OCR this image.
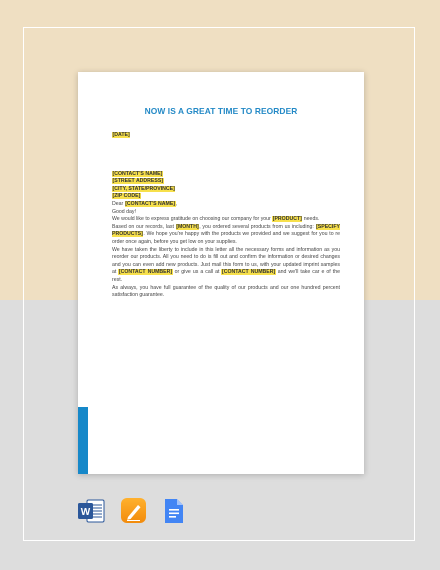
NOW IS A GREAT TIME TO REORDER

[DATE]

[CONTACT'S NAME]

[STREET ADDRESS]

[CITY, STATE/PROVINCE]

[ZIP CODE]

Dear [CONTACT'S NAME],

Good day!

We would like to express gratitude on choosing our company for your [PRODUCT] needs.

Based on our records, last [MONTH], you ordered several products from us including: [SPECIFY PRODUCTS]. We hope you're happy with the products we provided and we suggest for you to re order once again, before you get low on your supplies.

We have taken the liberty to include in this letter all the necessary forms and information as you reorder our products. All you need to do is fill out and confirm the information or desired changes and you can even add new products. Just mail this form to us, with your updated imprint samples at [CONTACT NUMBER] or give us a call at [CONTACT NUMBER] and we'll take car e of the rest.

As always, you have full guarantee of the quality of our products and our one hundred percent satisfaction guarantee.

W
